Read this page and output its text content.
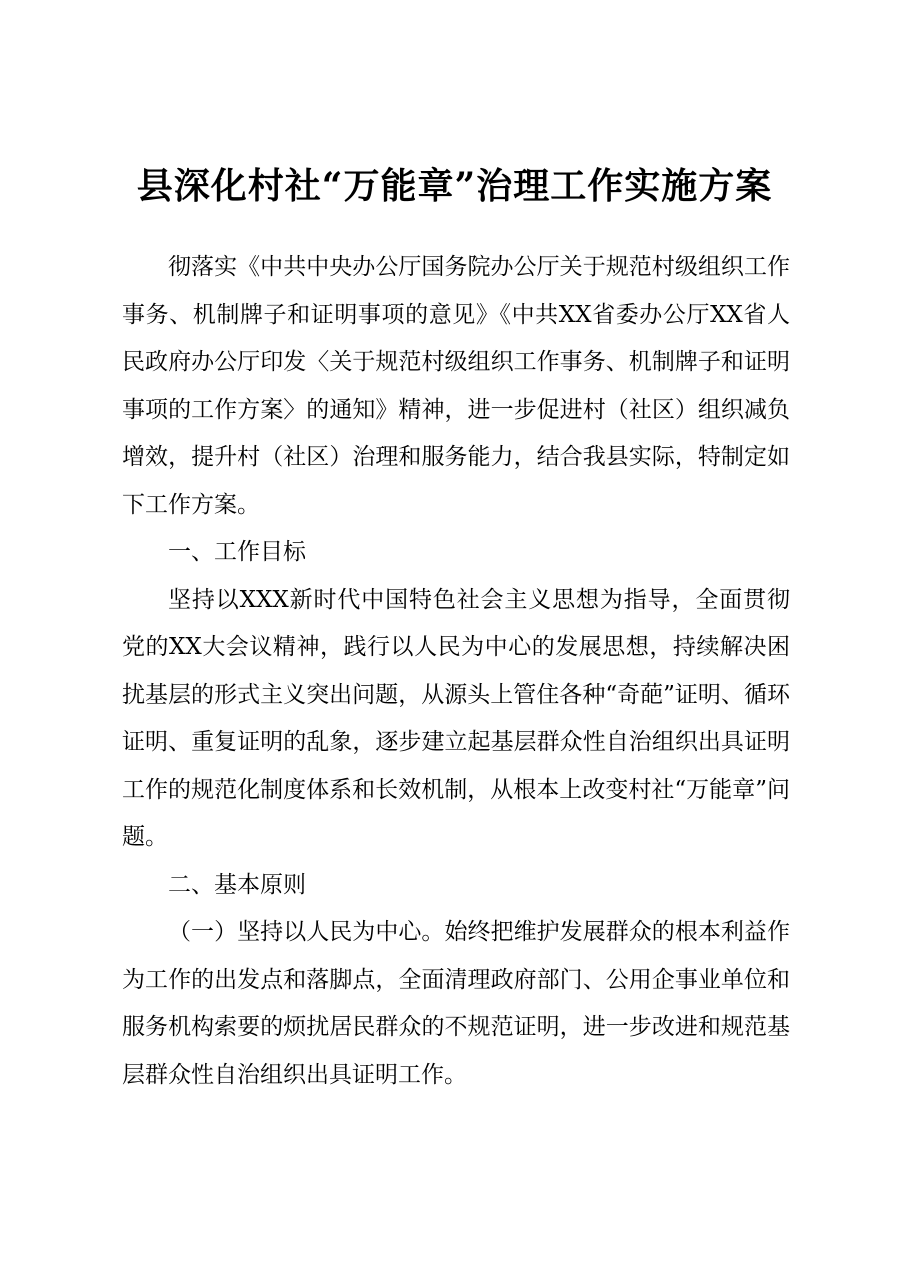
县深化村社“万能章”治理工作实施方案

彻落实《中共中央办公厅国务院办公厅关于规范村级组织工作事务、机制牌子和证明事项的意见》《中共XX省委办公厅XX省人民政府办公厅印发〈关于规范村级组织工作事务、机制牌子和证明事项的工作方案〉的通知》精神，进一步促进村（社区）组织减负增效，提升村（社区）治理和服务能力，结合我县实际，特制定如下工作方案。

一、工作目标

坚持以XXX新时代中国特色社会主义思想为指导，全面贯彻党的XX大会议精神，践行以人民为中心的发展思想，持续解决困扰基层的形式主义突出问题，从源头上管住各种“奇葩”证明、循环证明、重复证明的乱象，逐步建立起基层群众性自治组织出具证明工作的规范化制度体系和长效机制，从根本上改变村社“万能章”问题。

二、基本原则

（一）坚持以人民为中心。始终把维护发展群众的根本利益作为工作的出发点和落脚点，全面清理政府部门、公用企事业单位和服务机构索要的烦扰居民群众的不规范证明，进一步改进和规范基层群众性自治组织出具证明工作。
